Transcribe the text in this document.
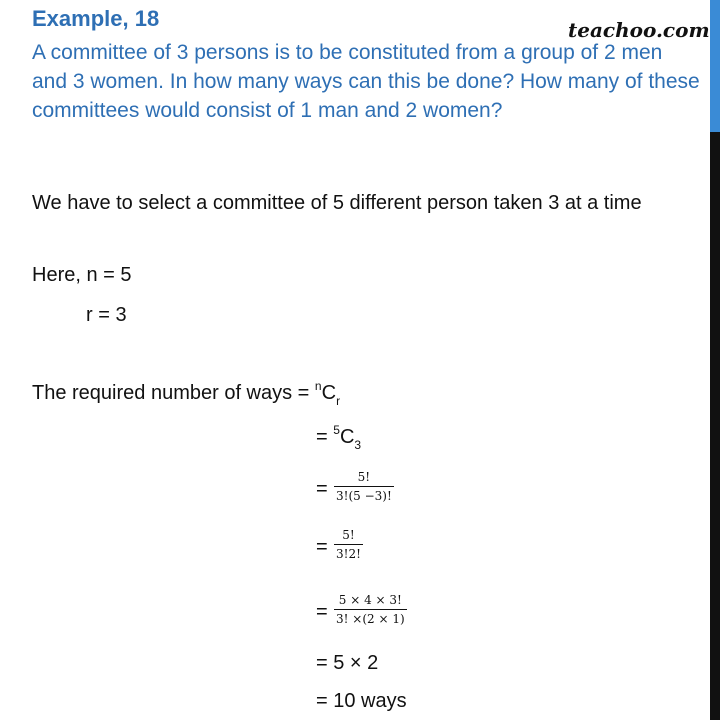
Example, 18	teachoo.com
A committee of 3 persons is to be constituted from a group of 2 men and 3 women. In how many ways can this be done? How many of these committees would consist of 1 man and 2 women?
We have to select a committee of 5 different person taken 3 at a time
Here, n = 5
r = 3
The required number of ways = $^nC_r$
= $^5C_3$
= $\frac{5!}{3!(5 -3)!}$
= $\frac{5!}{3!2!}$
= $\frac{5 \times 4 \times 3!}{3! \times(2 \times 1)}$
= 5 × 2
= 10 ways
